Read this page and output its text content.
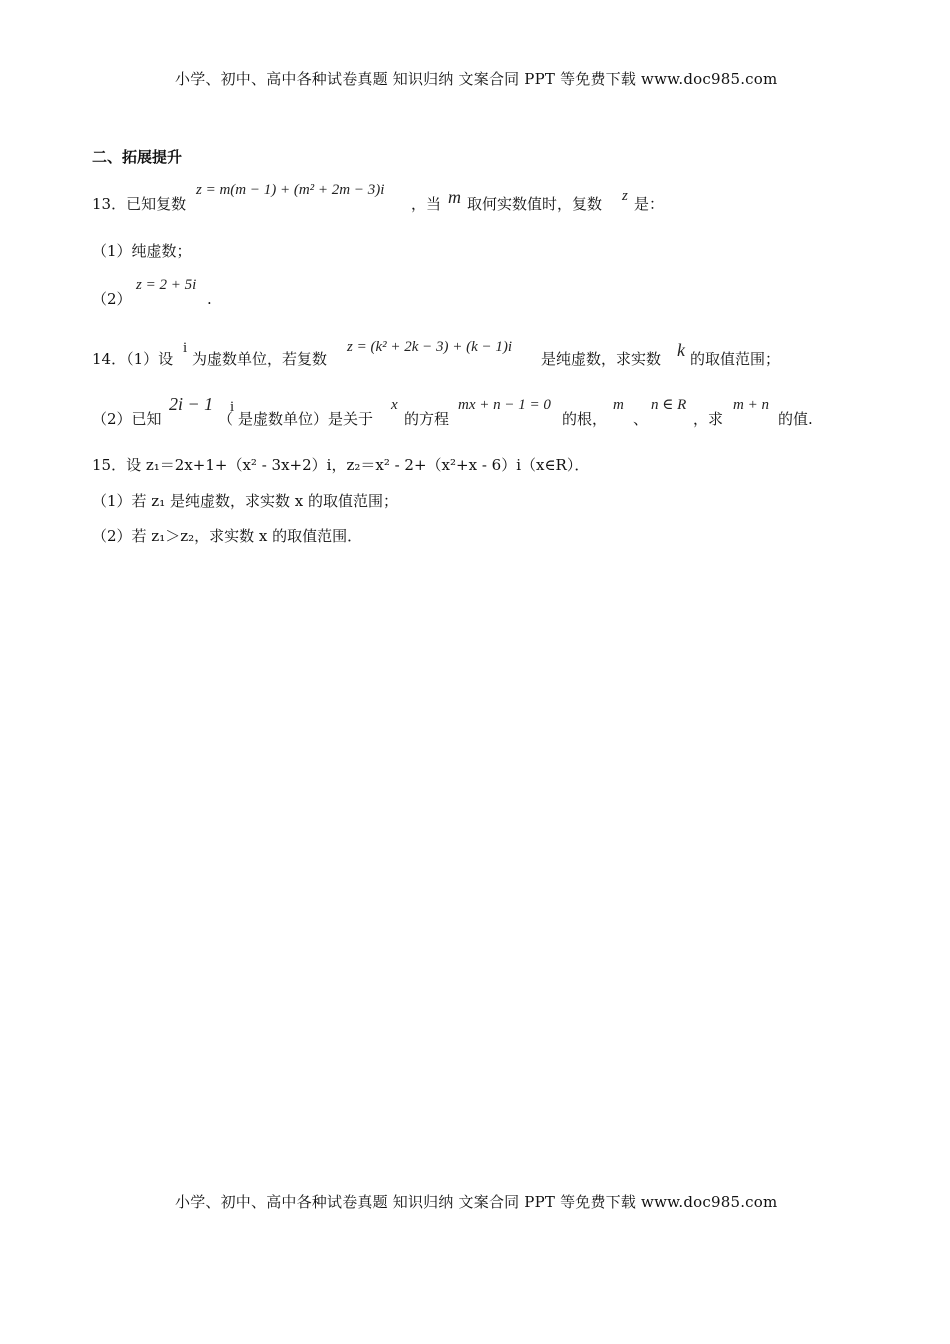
小学、初中、高中各种试卷真题 知识归纳 文案合同 PPT 等免费下载 www.doc985.com
二、拓展提升
13．已知复数
z = m(m − 1) + (m² + 2m − 3)i
，当 m 取何实数值时，复数 z 是：
（1）纯虚数；
（2）
z = 2 + 5i
.
14．（1）设
i
为虚数单位，若复数
z = (k² + 2k − 3) + (k − 1)i
是纯虚数，求实数 k 的取值范围；
（2）已知
2i − 1
（
i
是虚数单位）是关于
x
的方程
mx + n − 1 = 0
的根，
m
、
n ∈ R
，求
m + n
的值.
15．设 z₁＝2x+1+（x² - 3x+2）i，z₂＝x² - 2+（x²+x - 6）i（x∈R）．
（1）若 z₁ 是纯虚数，求实数 x 的取值范围；
（2）若 z₁＞z₂，求实数 x 的取值范围．
小学、初中、高中各种试卷真题 知识归纳 文案合同 PPT 等免费下载 www.doc985.com
